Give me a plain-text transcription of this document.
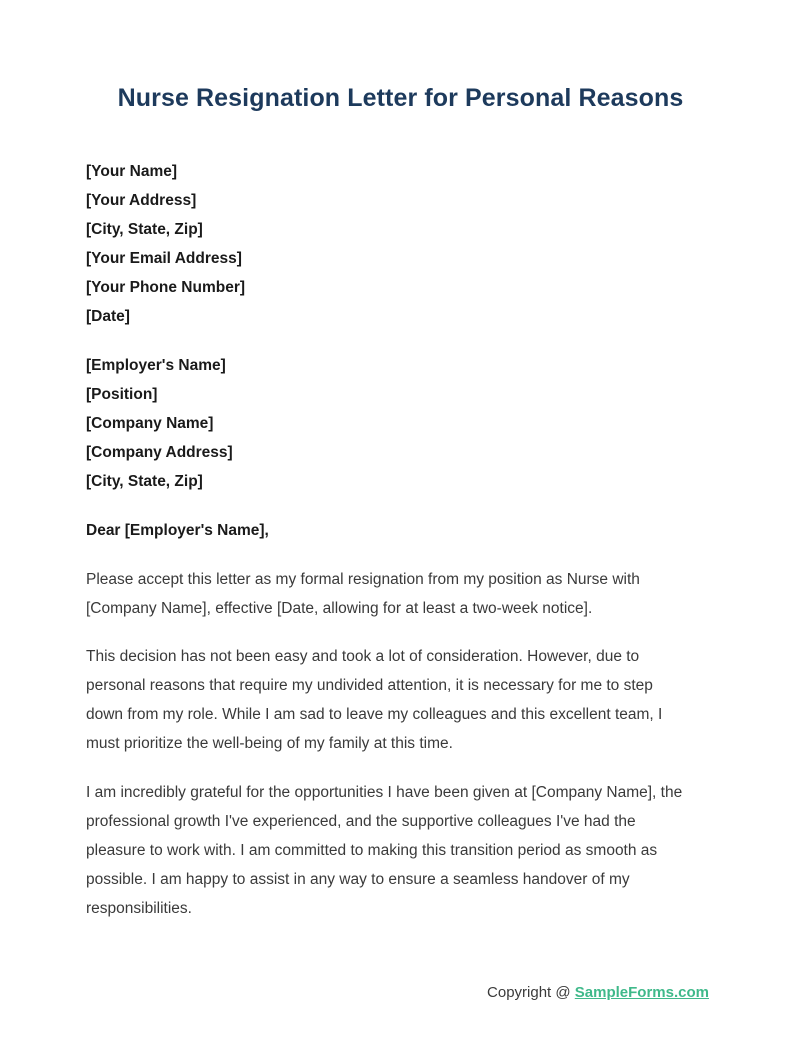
Nurse Resignation Letter for Personal Reasons
[Your Name]
[Your Address]
[City, State, Zip]
[Your Email Address]
[Your Phone Number]
[Date]
[Employer's Name]
[Position]
[Company Name]
[Company Address]
[City, State, Zip]

Dear [Employer's Name],

Please accept this letter as my formal resignation from my position as Nurse with
[Company Name], effective [Date, allowing for at least a two-week notice].

This decision has not been easy and took a lot of consideration. However, due to
personal reasons that require my undivided attention, it is necessary for me to step
down from my role. While I am sad to leave my colleagues and this excellent team, I
must prioritize the well-being of my family at this time.

I am incredibly grateful for the opportunities I have been given at [Company Name], the
professional growth I've experienced, and the supportive colleagues I've had the
pleasure to work with. I am committed to making this transition period as smooth as
possible. I am happy to assist in any way to ensure a seamless handover of my
responsibilities.

Copyright @ SampleForms.com
